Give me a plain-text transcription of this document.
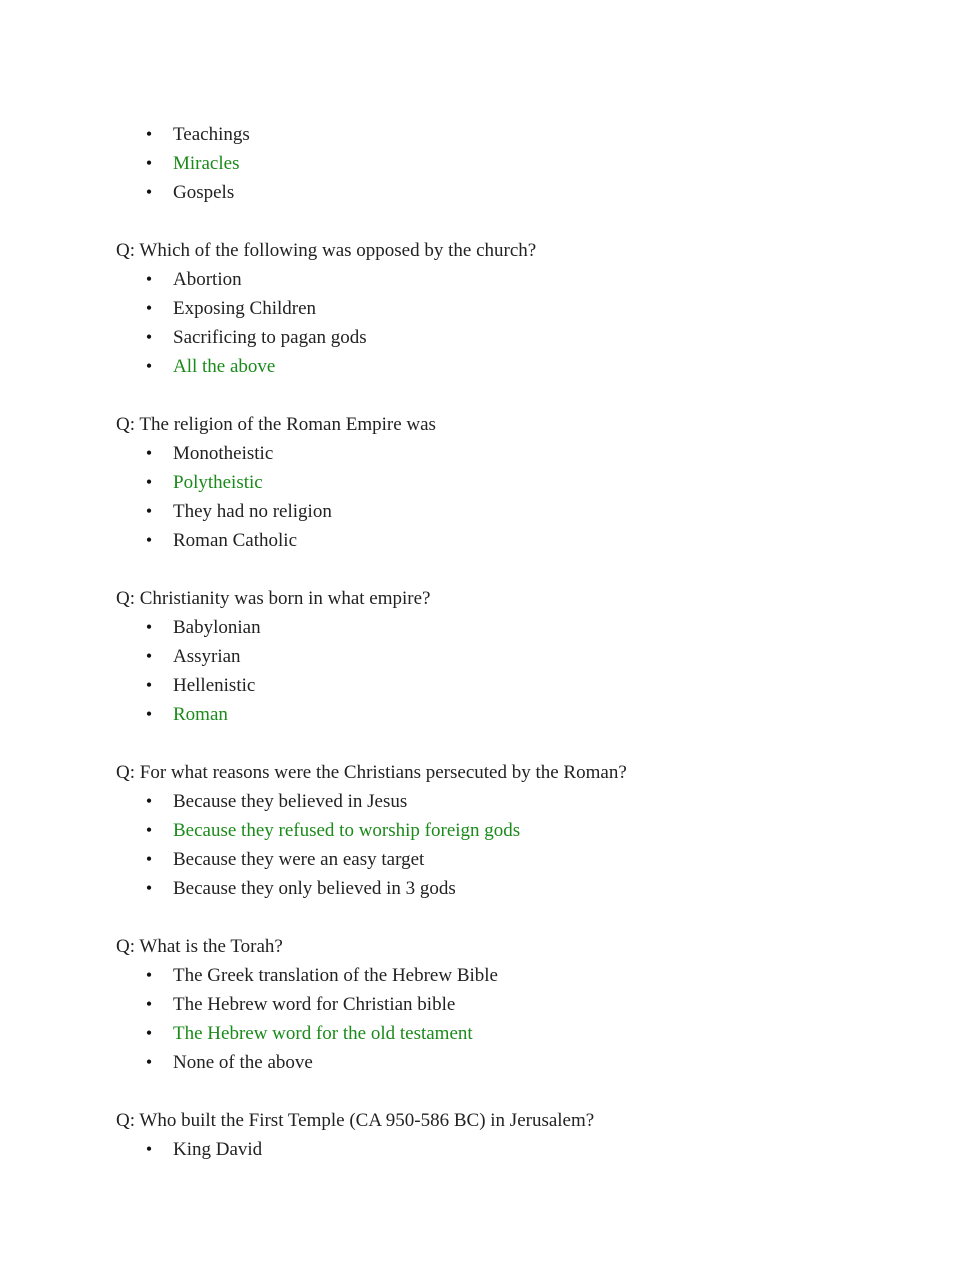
• Teachings
• Miracles
• Gospels
Q: Which of the following was opposed by the church?
• Abortion
• Exposing Children
• Sacrificing to pagan gods
• All the above
Q: The religion of the Roman Empire was
• Monotheistic
• Polytheistic
• They had no religion
• Roman Catholic
Q: Christianity was born in what empire?
• Babylonian
• Assyrian
• Hellenistic
• Roman
Q: For what reasons were the Christians persecuted by the Roman?
• Because they believed in Jesus
• Because they refused to worship foreign gods
• Because they were an easy target
• Because they only believed in 3 gods
Q: What is the Torah?
• The Greek translation of the Hebrew Bible
• The Hebrew word for Christian bible
• The Hebrew word for the old testament
• None of the above
Q: Who built the First Temple (CA 950-586 BC) in Jerusalem?
• King David
